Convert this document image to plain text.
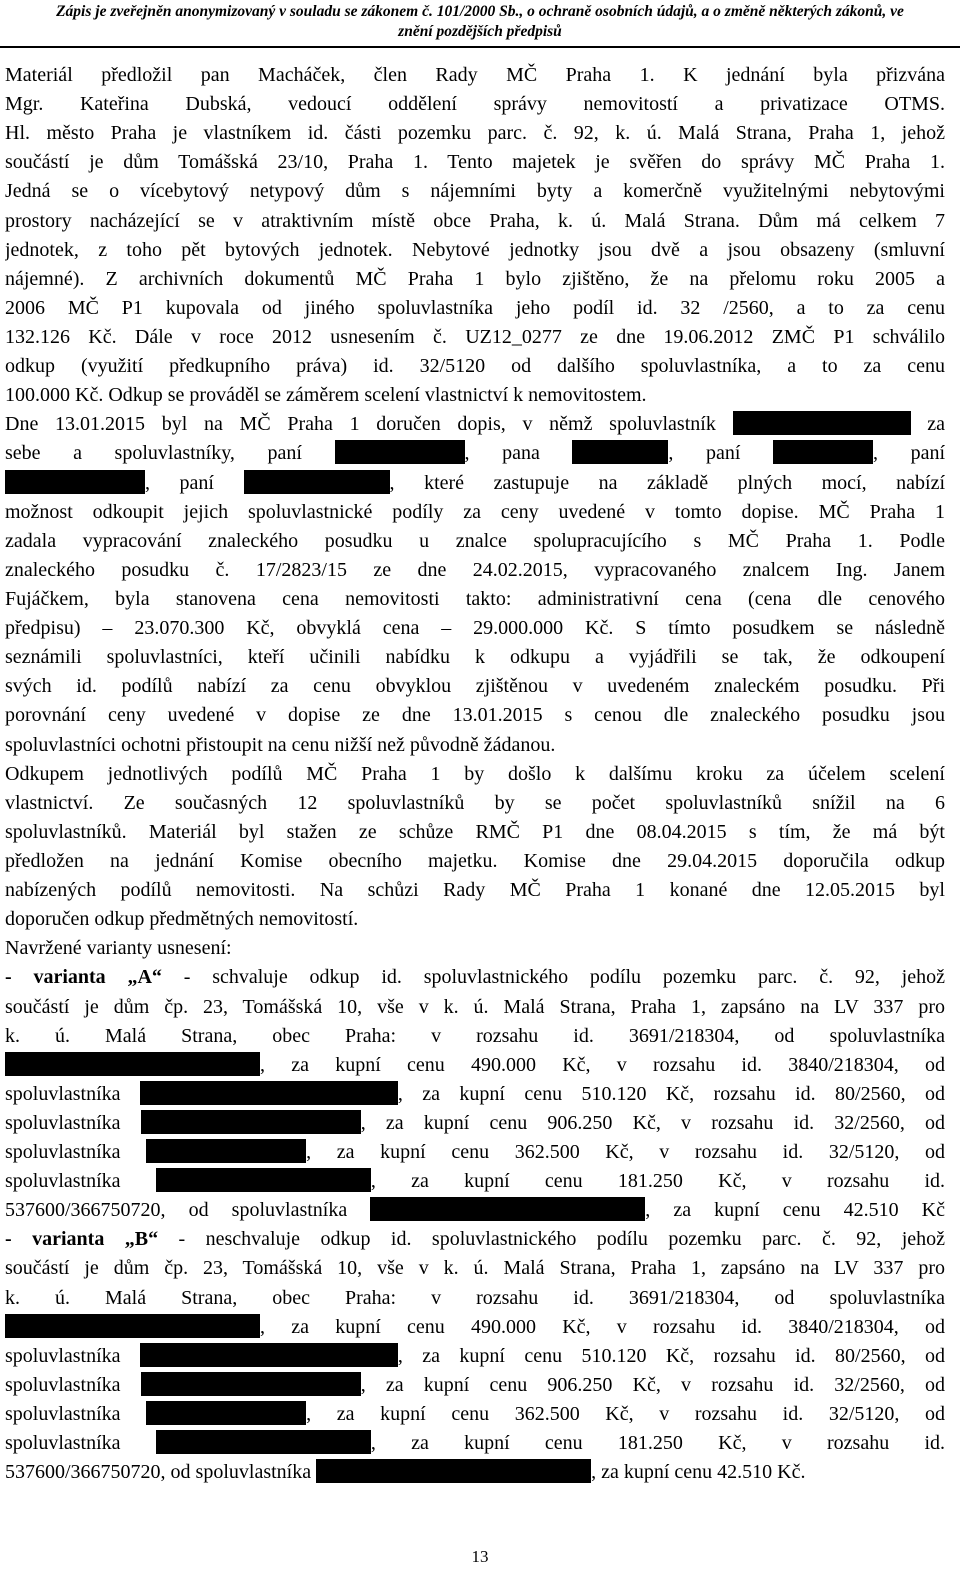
Zápis je zveřejněn anonymizovaný v souladu se zákonem č. 101/2000 Sb., o ochraně osobních údajů, a o změně některých zákonů, ve
znění pozdějších předpisů
Materiál předložil pan Macháček, člen Rady MČ Praha 1. K jednání byla přizvána
Mgr. Kateřina Dubská, vedoucí oddělení správy nemovitostí a privatizace OTMS.
Hl. město Praha je vlastníkem id. části pozemku parc. č. 92, k. ú. Malá Strana, Praha 1, jehož
součástí je dům Tomášská 23/10, Praha 1. Tento majetek je svěřen do správy MČ Praha 1.
Jedná se o vícebytový netypový dům s nájemními byty a komerčně využitelnými nebytovými
prostory nacházející se v atraktivním místě obce Praha, k. ú. Malá Strana. Dům má celkem 7
jednotek, z toho pět bytových jednotek. Nebytové jednotky jsou dvě a jsou obsazeny (smluvní
nájemné). Z archivních dokumentů MČ Praha 1 bylo zjištěno, že na přelomu roku 2005 a
2006 MČ P1 kupovala od jiného spoluvlastníka jeho podíl id. 32 /2560, a to za cenu
132.126 Kč. Dále v roce 2012 usnesením č. UZ12_0277 ze dne 19.06.2012 ZMČ P1 schválilo
odkup (využití předkupního práva) id. 32/5120 od dalšího spoluvlastníka, a to za cenu
100.000 Kč. Odkup se prováděl se záměrem scelení vlastnictví k nemovitostem.
Dne 13.01.2015 byl na MČ Praha 1 doručen dopis, v němž spoluvlastník	za
sebe a spoluvlastníky, paní	, pana	, paní	, paní
, paní	, které zastupuje na základě plných mocí, nabízí
možnost odkoupit jejich spoluvlastnické podíly za ceny uvedené v tomto dopise. MČ Praha 1
zadala vypracování znaleckého posudku u znalce spolupracujícího s MČ Praha 1. Podle
znaleckého posudku č. 17/2823/15 ze dne 24.02.2015, vypracovaného znalcem Ing. Janem
Fujáčkem, byla stanovena cena nemovitosti takto: administrativní cena (cena dle cenového
předpisu) – 23.070.300 Kč, obvyklá cena – 29.000.000 Kč. S tímto posudkem se následně
seznámili spoluvlastníci, kteří učinili nabídku k odkupu a vyjádřili se tak, že odkoupení
svých id. podílů nabízí za cenu obvyklou zjištěnou v uvedeném znaleckém posudku. Při
porovnání ceny uvedené v dopise ze dne 13.01.2015 s cenou dle znaleckého posudku jsou
spoluvlastníci ochotni přistoupit na cenu nižší než původně žádanou.
Odkupem jednotlivých podílů MČ Praha 1 by došlo k dalšímu kroku za účelem scelení
vlastnictví. Ze současných 12 spoluvlastníků by se počet spoluvlastníků snížil na 6
spoluvlastníků. Materiál byl stažen ze schůze RMČ P1 dne 08.04.2015 s tím, že má být
předložen na jednání Komise obecního majetku. Komise dne 29.04.2015 doporučila odkup
nabízených podílů nemovitosti. Na schůzi Rady MČ Praha 1 konané dne 12.05.2015 byl
doporučen odkup předmětných nemovitostí.
Navržené varianty usnesení:
- varianta „A“ - schvaluje odkup id. spoluvlastnického podílu pozemku parc. č. 92, jehož
součástí je dům čp. 23, Tomášská 10, vše v k. ú. Malá Strana, Praha 1, zapsáno na LV 337 pro
k. ú. Malá Strana, obec Praha: v rozsahu id. 3691/218304, od spoluvlastníka
, za kupní cenu 490.000 Kč, v rozsahu id. 3840/218304, od
spoluvlastníka	, za kupní cenu 510.120 Kč, rozsahu id. 80/2560, od
spoluvlastníka	, za kupní cenu 906.250 Kč, v rozsahu id. 32/2560, od
spoluvlastníka	, za kupní cenu 362.500 Kč, v rozsahu id. 32/5120, od
spoluvlastníka	, za kupní cenu 181.250 Kč, v rozsahu id.
537600/366750720, od spoluvlastníka	, za kupní cenu 42.510 Kč
- varianta „B“ - neschvaluje odkup id. spoluvlastnického podílu pozemku parc. č. 92, jehož
součástí je dům čp. 23, Tomášská 10, vše v k. ú. Malá Strana, Praha 1, zapsáno na LV 337 pro
k. ú. Malá Strana, obec Praha: v rozsahu id. 3691/218304, od spoluvlastníka
, za kupní cenu 490.000 Kč, v rozsahu id. 3840/218304, od
spoluvlastníka	, za kupní cenu 510.120 Kč, rozsahu id. 80/2560, od
spoluvlastníka	, za kupní cenu 906.250 Kč, v rozsahu id. 32/2560, od
spoluvlastníka	, za kupní cenu 362.500 Kč, v rozsahu id. 32/5120, od
spoluvlastníka	, za kupní cenu 181.250 Kč, v rozsahu id.
537600/366750720, od spoluvlastníka	, za kupní cenu 42.510 Kč.
13
